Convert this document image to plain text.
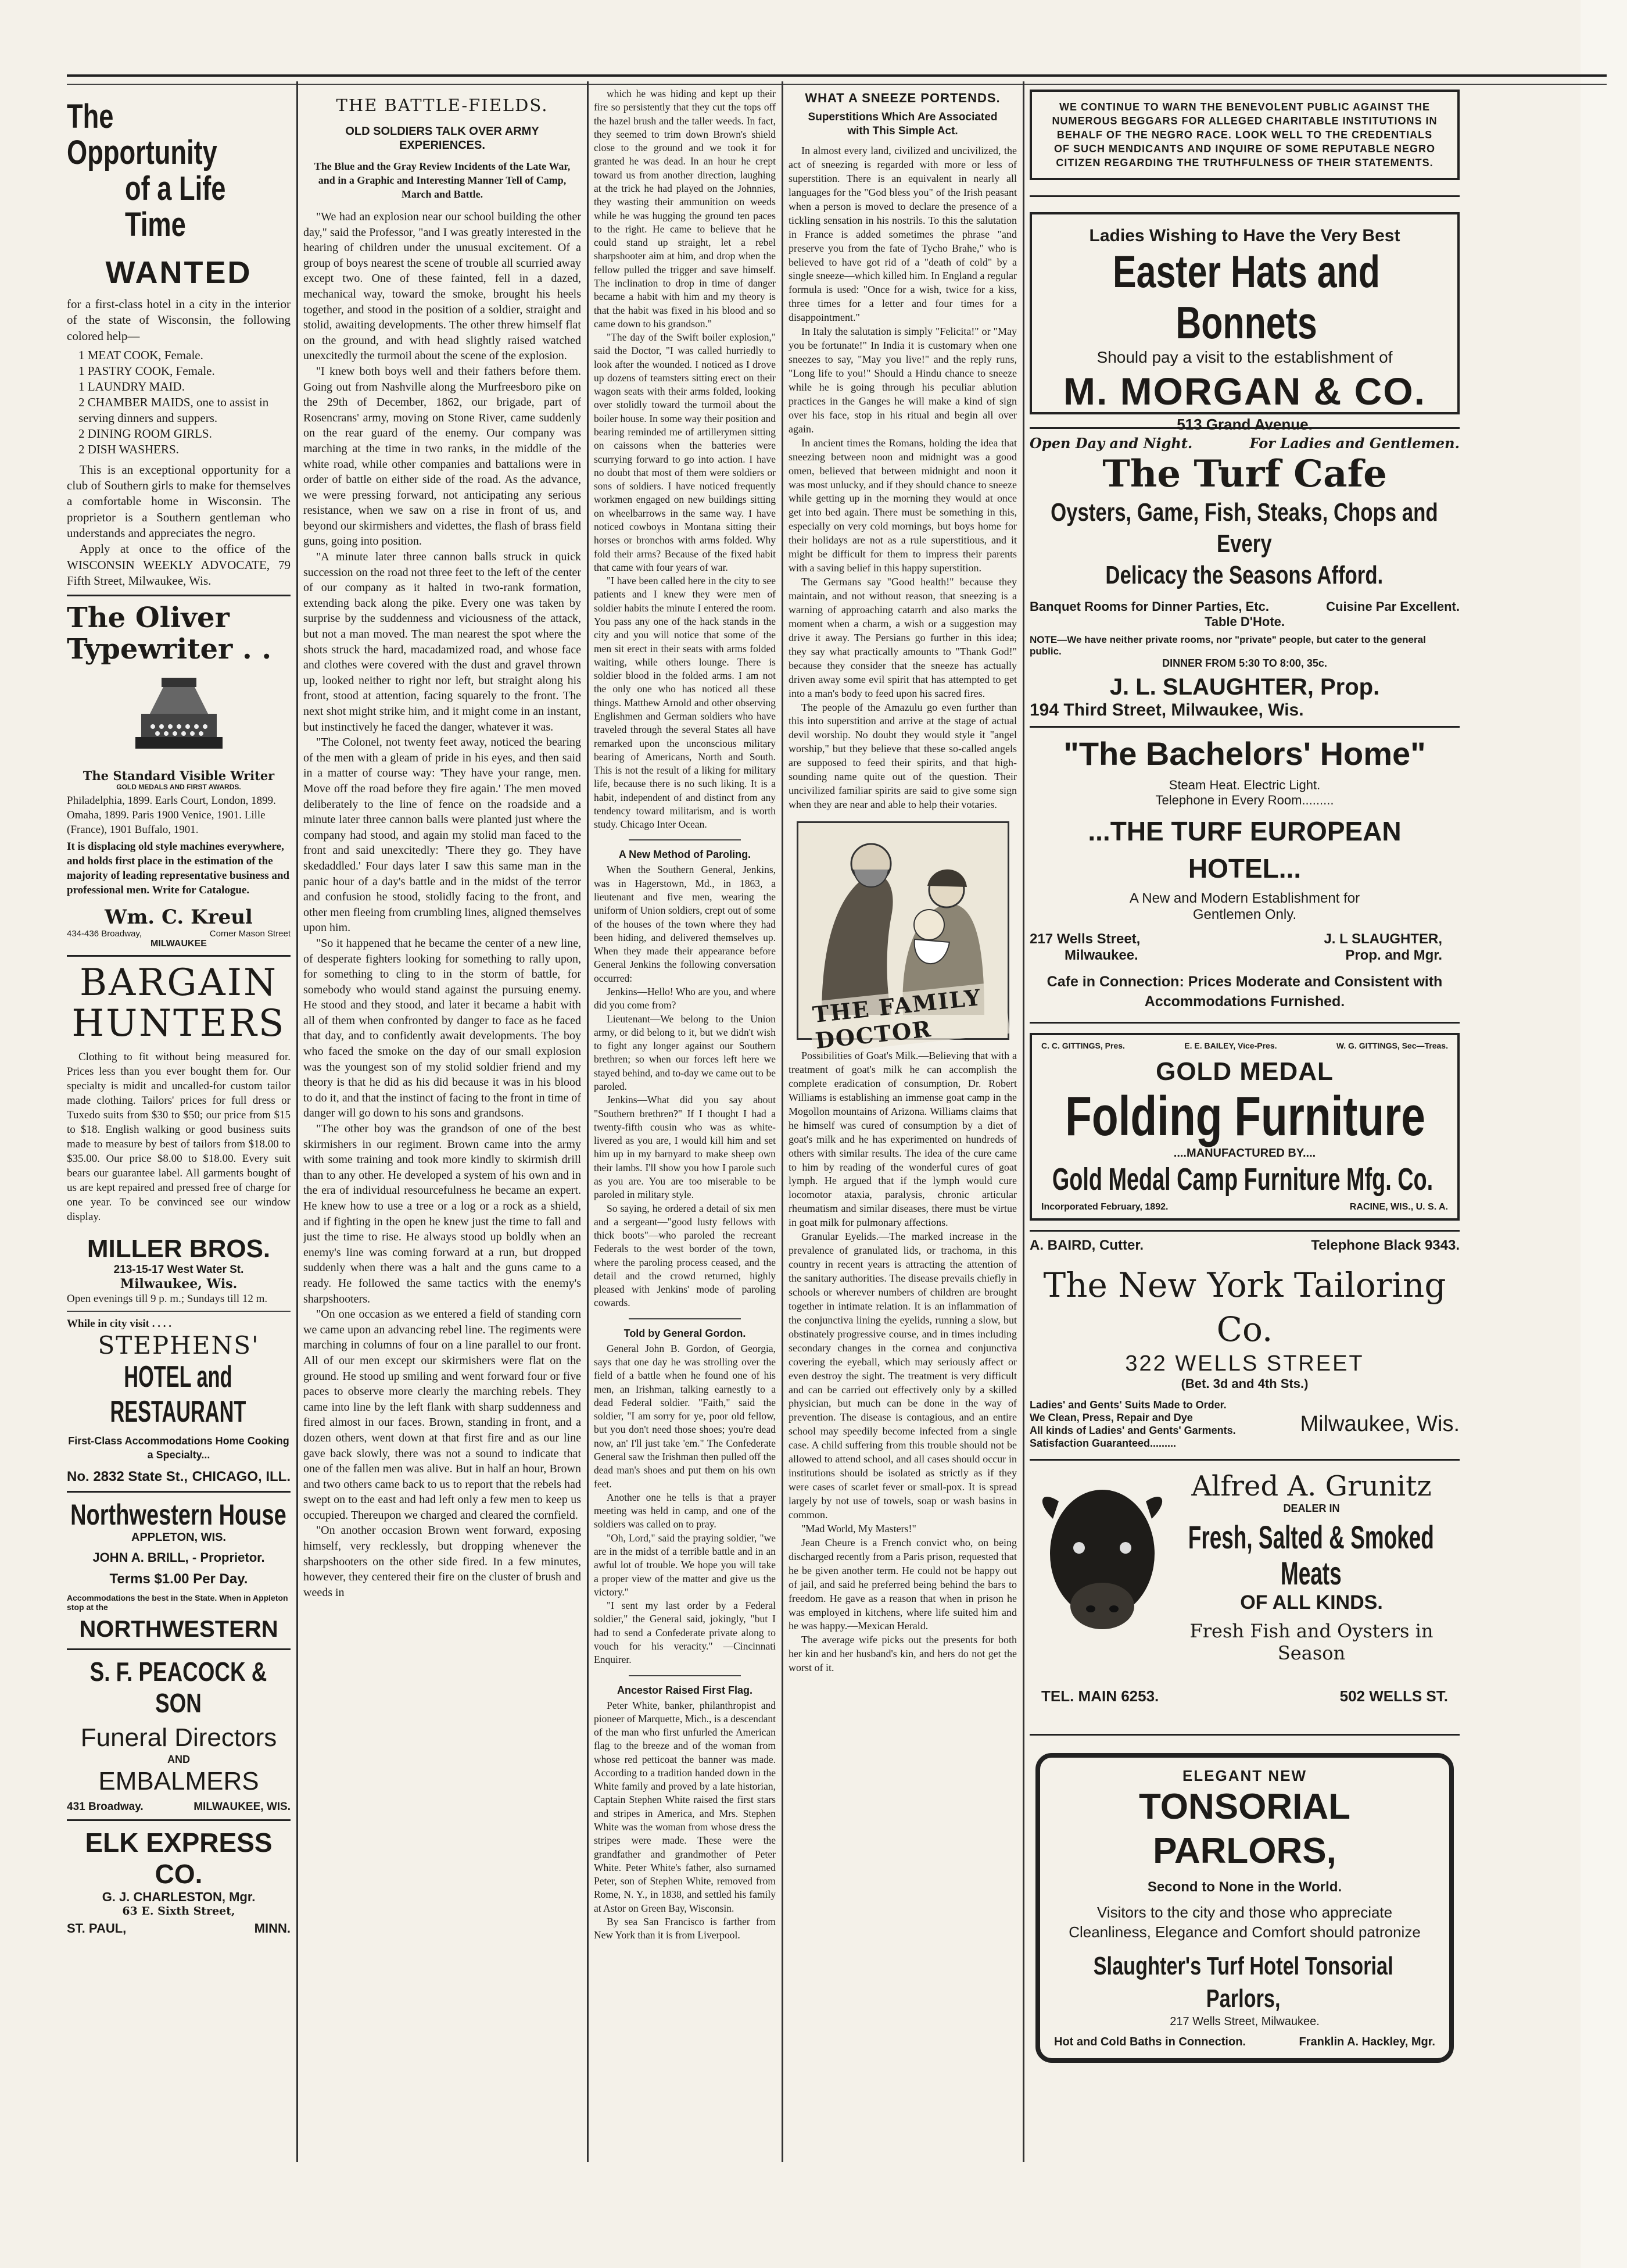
The Opportunity
of a Life Time
WANTED

for a first-class hotel in a city in the interior of the state of Wisconsin, the following colored help—

1 MEAT COOK, Female.
1 PASTRY COOK, Female.
1 LAUNDRY MAID.
2 CHAMBER MAIDS, one to assist in serving dinners and suppers.
2 DINING ROOM GIRLS.
2 DISH WASHERS.

This is an exceptional opportunity for a club of Southern girls to make for themselves a comfortable home in Wisconsin. The proprietor is a Southern gentleman who understands and appreciates the negro.

Apply at once to the office of the WISCONSIN WEEKLY ADVOCATE, 79 Fifth Street, Milwaukee, Wis.

The Oliver
Typewriter . .
The Standard Visible Writer
GOLD MEDALS AND FIRST AWARDS.
Philadelphia, 1899. Earls Court, London, 1899. Omaha, 1899. Paris 1900 Venice, 1901. Lille (France), 1901 Buffalo, 1901.
It is displacing old style machines everywhere, and holds first place in the estimation of the majority of leading representative business and professional men. Write for Catalogue.
Wm. C. Kreul
434-436 Broadway,	Corner Mason Street
MILWAUKEE
BARGAIN
HUNTERS
Clothing to fit without being measured for. Prices less than you ever bought them for. Our specialty is midit and uncalled-for custom tailor made clothing. Tailors' prices for full dress or Tuxedo suits from $30 to $50; our price from $15 to $18. English walking or good business suits made to measure by best of tailors from $18.00 to $35.00. Our price $8.00 to $18.00. Every suit bears our guarantee label. All garments bought of us are kept repaired and pressed free of charge for one year. To be convinced see our window display.
MILLER BROS.
213-15-17 West Water St.
Milwaukee, Wis.
Open evenings till 9 p. m.; Sundays till 12 m.
While in city visit . . . .
STEPHENS'
HOTEL and RESTAURANT
First-Class Accommodations Home Cooking a Specialty...
No. 2832 State St., CHICAGO, ILL.
Northwestern House
APPLETON, WIS.
JOHN A. BRILL, - Proprietor.
Terms $1.00 Per Day.
Accommodations the best in the State. When in Appleton stop at the
NORTHWESTERN
S. F. PEACOCK & SON
Funeral Directors
AND
EMBALMERS
431 Broadway.	MILWAUKEE, WIS.
ELK EXPRESS CO.
G. J. CHARLESTON, Mgr.
63 E. Sixth Street,
ST. PAUL,	MINN.
THE BATTLE-FIELDS.
OLD SOLDIERS TALK OVER ARMY EXPERIENCES.
The Blue and the Gray Review Incidents of the Late War, and in a Graphic and Interesting Manner Tell of Camp, March and Battle.

"We had an explosion near our school building the other day," said the Professor, "and I was greatly interested in the hearing of children under the unusual excitement. Of a group of boys nearest the scene of trouble all scurried away except two. One of these fainted, fell in a dazed, mechanical way, toward the smoke, brought his heels together, and stood in the position of a soldier, straight and stolid, awaiting developments. The other threw himself flat on the ground, and with head slightly raised watched unexcitedly the turmoil about the scene of the explosion.

"I knew both boys well and their fathers before them. Going out from Nashville along the Murfreesboro pike on the 29th of December, 1862, our brigade, part of Rosencrans' army, moving on Stone River, came suddenly on the rear guard of the enemy. Our company was marching at the time in two ranks, in the middle of the white road, while other companies and battalions were in order of battle on either side of the road. As the advance, we were pressing forward, not anticipating any serious resistance, when we saw on a rise in front of us, and beyond our skirmishers and videttes, the flash of brass field guns, going into position.

"A minute later three cannon balls struck in quick succession on the road not three feet to the left of the center of our company as it halted in two-rank formation, extending back along the pike. Every one was taken by surprise by the suddenness and viciousness of the attack, but not a man moved. The man nearest the spot where the shots struck the hard, macadamized road, and whose face and clothes were covered with the dust and gravel thrown up, looked neither to right nor left, but straight along his front, stood at attention, facing squarely to the front. The next shot might strike him, and it might come in an instant, but instinctively he faced the danger, whatever it was.

"The Colonel, not twenty feet away, noticed the bearing of the men with a gleam of pride in his eyes, and then said in a matter of course way: 'They have your range, men. Move off the road before they fire again.' The men moved deliberately to the line of fence on the roadside and a minute later three cannon balls were planted just where the company had stood, and again my stolid man faced to the front and said unexcitedly: 'There they go. They have skedaddled.' Four days later I saw this same man in the panic hour of a day's battle and in the midst of the terror and confusion he stood, stolidly facing to the front, and other men fleeing from crumbling lines, aligned themselves upon him.

"So it happened that he became the center of a new line, of desperate fighters looking for something to rally upon, for something to cling to in the storm of battle, for somebody who would stand against the pursuing enemy. He stood and they stood, and later it became a habit with all of them when confronted by danger to face as he faced that day, and to confidently await developments. The boy who faced the smoke on the day of our small explosion was the youngest son of my stolid soldier friend and my theory is that he did as his did because it was in his blood to do it, and that the instinct of facing to the front in time of danger will go down to his sons and grandsons.

"The other boy was the grandson of one of the best skirmishers in our regiment. Brown came into the army with some training and took more kindly to skirmish drill than to any other. He developed a system of his own and in the era of individual resourcefulness he became an expert. He knew how to use a tree or a log or a rock as a shield, and if fighting in the open he knew just the time to fall and just the time to rise. He always stood up boldly when an enemy's line was coming forward at a run, but dropped suddenly when there was a halt and the guns came to a ready. He followed the same tactics with the enemy's sharpshooters.

"On one occasion as we entered a field of standing corn we came upon an advancing rebel line. The regiments were marching in columns of four on a line parallel to our front. All of our men except our skirmishers were flat on the ground. He stood up smiling and went forward four or five paces to observe more clearly the marching rebels. They came into line by the left flank with sharp suddenness and fired almost in our faces. Brown, standing in front, and a dozen others, went down at that first fire and as our line gave back slowly, there was not a sound to indicate that one of the fallen men was alive. But in half an hour, Brown and two others came back to us to report that the rebels had swept on to the east and had left only a few men to keep us occupied. Thereupon we charged and cleared the cornfield.

"On another occasion Brown went forward, exposing himself, very recklessly, but dropping whenever the sharpshooters on the other side fired. In a few minutes, however, they centered their fire on the cluster of brush and weeds in

which he was hiding and kept up their fire so persistently that they cut the tops off the hazel brush and the taller weeds. In fact, they seemed to trim down Brown's shield close to the ground and we took it for granted he was dead. In an hour he crept toward us from another direction, laughing at the trick he had played on the Johnnies, they wasting their ammunition on weeds while he was hugging the ground ten paces to the right. He came to believe that he could stand up straight, let a rebel sharpshooter aim at him, and drop when the fellow pulled the trigger and save himself. The inclination to drop in time of danger became a habit with him and my theory is that the habit was fixed in his blood and so came down to his grandson."

"The day of the Swift boiler explosion," said the Doctor, "I was called hurriedly to look after the wounded. I noticed as I drove up dozens of teamsters sitting erect on their wagon seats with their arms folded, looking over stolidly toward the turmoil about the boiler house. In some way their position and bearing reminded me of artillerymen sitting on caissons when the batteries were scurrying forward to go into action. I have no doubt that most of them were soldiers or sons of soldiers. I have noticed frequently workmen engaged on new buildings sitting on wheelbarrows in the same way. I have noticed cowboys in Montana sitting their horses or bronchos with arms folded. Why fold their arms? Because of the fixed habit that came with four years of war.

"I have been called here in the city to see patients and I knew they were men of soldier habits the minute I entered the room. You pass any one of the hack stands in the city and you will notice that some of the men sit erect in their seats with arms folded waiting, while others lounge. There is soldier blood in the folded arms. I am not the only one who has noticed all these things. Matthew Arnold and other observing Englishmen and German soldiers who have traveled through the several States all have remarked upon the unconscious military bearing of Americans, North and South. This is not the result of a liking for military life, because there is no such liking. It is a habit, independent of and distinct from any tendency toward militarism, and is worth study. Chicago Inter Ocean.

A New Method of Paroling.

When the Southern General, Jenkins, was in Hagerstown, Md., in 1863, a lieutenant and five men, wearing the uniform of Union soldiers, crept out of some of the houses of the town where they had been hiding, and delivered themselves up. When they made their appearance before General Jenkins the following conversation occurred:

Jenkins—Hello! Who are you, and where did you come from?

Lieutenant—We belong to the Union army, or did belong to it, but we didn't wish to fight any longer against our Southern brethren; so when our forces left here we stayed behind, and to-day we came out to be paroled.

Jenkins—What did you say about "Southern brethren?" If I thought I had a twenty-fifth cousin who was as white-livered as you are, I would kill him and set him up in my barnyard to make sheep own their lambs. I'll show you how I parole such as you are. You are too miserable to be paroled in military style.

So saying, he ordered a detail of six men and a sergeant—"good lusty fellows with thick boots"—who paroled the recreant Federals to the west border of the town, where the paroling process ceased, and the detail and the crowd returned, highly pleased with Jenkins' mode of paroling cowards.

Told by General Gordon.

General John B. Gordon, of Georgia, says that one day he was strolling over the field of a battle when he found one of his men, an Irishman, talking earnestly to a dead Federal soldier. "Faith," said the soldier, "I am sorry for ye, poor old fellow, but you don't need those shoes; you're dead now, an' I'll just take 'em." The Confederate General saw the Irishman then pulled off the dead man's shoes and put them on his own feet.

Another one he tells is that a prayer meeting was held in camp, and one of the soldiers was called on to pray.

"Oh, Lord," said the praying soldier, "we are in the midst of a terrible battle and in an awful lot of trouble. We hope you will take a proper view of the matter and give us the victory."

"I sent my last order by a Federal soldier," the General said, jokingly, "but I had to send a Confederate private along to vouch for his veracity." —Cincinnati Enquirer.

Ancestor Raised First Flag.

Peter White, banker, philanthropist and pioneer of Marquette, Mich., is a descendant of the man who first unfurled the American flag to the breeze and of the woman from whose red petticoat the banner was made. According to a tradition handed down in the White family and proved by a late historian, Captain Stephen White raised the first stars and stripes in America, and Mrs. Stephen White was the woman from whose dress the stripes were made. These were the grandfather and grandmother of Peter White. Peter White's father, also surnamed Peter, son of Stephen White, removed from Rome, N. Y., in 1838, and settled his family at Astor on Green Bay, Wisconsin.

By sea San Francisco is farther from New York than it is from Liverpool.

WHAT A SNEEZE PORTENDS.
Superstitions Which Are Associated with This Simple Act.

In almost every land, civilized and uncivilized, the act of sneezing is regarded with more or less of superstition. There is an equivalent in nearly all languages for the "God bless you" of the Irish peasant when a person is moved to declare the presence of a tickling sensation in his nostrils. To this the salutation in France is added sometimes the phrase "and preserve you from the fate of Tycho Brahe," who is believed to have got rid of a "death of cold" by a single sneeze—which killed him. In England a regular formula is used: "Once for a wish, twice for a kiss, three times for a letter and four times for a disappointment."

In Italy the salutation is simply "Felicita!" or "May you be fortunate!" In India it is customary when one sneezes to say, "May you live!" and the reply runs, "Long life to you!" Should a Hindu chance to sneeze while he is going through his peculiar ablution practices in the Ganges he will make a kind of sign over his face, stop in his ritual and begin all over again.

In ancient times the Romans, holding the idea that sneezing between noon and midnight was a good omen, believed that between midnight and noon it was most unlucky, and if they should chance to sneeze while getting up in the morning they would at once get into bed again. There must be something in this, especially on very cold mornings, but boys home for their holidays are not as a rule superstitious, and it might be difficult for them to impress their parents with a saving belief in this happy superstition.

The Germans say "Good health!" because they maintain, and not without reason, that sneezing is a warning of approaching catarrh and also marks the moment when a charm, a wish or a suggestion may drive it away. The Persians go further in this idea; they say what practically amounts to "Thank God!" because they consider that the sneeze has actually driven away some evil spirit that has attempted to get into a man's body to feed upon his sacred fires.

The people of the Amazulu go even further than this into superstition and arrive at the stage of actual devil worship. No doubt they would style it "angel worship," but they believe that these so-called angels are supposed to feed their spirits, and that high-sounding name quite out of the question. Their uncivilized familiar spirits are said to give some sign when they are near and able to help their votaries.

THE FAMILY DOCTOR

Possibilities of Goat's Milk.—Believing that with a treatment of goat's milk he can accomplish the complete eradication of consumption, Dr. Robert Williams is establishing an immense goat camp in the Mogollon mountains of Arizona. Williams claims that he himself was cured of consumption by a diet of goat's milk and he has experimented on hundreds of others with similar results. The idea of the cure came to him by reading of the wonderful cures of goat lymph. He argued that if the lymph would cure locomotor ataxia, paralysis, chronic articular rheumatism and similar diseases, there must be virtue in goat milk for pulmonary affections.

Granular Eyelids.—The marked increase in the prevalence of granulated lids, or trachoma, in this country in recent years is attracting the attention of the sanitary authorities. The disease prevails chiefly in schools or wherever numbers of children are brought together in intimate relation. It is an inflammation of the conjunctiva lining the eyelids, running a slow, but obstinately progressive course, and in times including secondary changes in the cornea and conjunctiva covering the eyeball, which may seriously affect or even destroy the sight. The treatment is very difficult and can be carried out effectively only by a skilled physician, but much can be done in the way of prevention. The disease is contagious, and an entire school may speedily become infected from a single case. A child suffering from this trouble should not be allowed to attend school, and all cases should occur in institutions should be isolated as strictly as if they were cases of scarlet fever or small-pox. It is spread largely by not use of towels, soap or wash basins in common.

"Mad World, My Masters!"

Jean Cheure is a French convict who, on being discharged recently from a Paris prison, requested that he be given another term. He could not be happy out of jail, and said he preferred being behind the bars to freedom. He gave as a reason that when in prison he was employed in kitchens, where life suited him and he was happy.—Mexican Herald.

The average wife picks out the presents for both her kin and her husband's kin, and hers do not get the worst of it.

WE CONTINUE TO WARN THE BENEVOLENT PUBLIC AGAINST THE NUMEROUS BEGGARS FOR ALLEGED CHARITABLE INSTITUTIONS IN BEHALF OF THE NEGRO RACE. LOOK WELL TO THE CREDENTIALS OF SUCH MENDICANTS AND INQUIRE OF SOME REPUTABLE NEGRO CITIZEN REGARDING THE TRUTHFULNESS OF THEIR STATEMENTS.
Ladies Wishing to Have the Very Best
Easter Hats and Bonnets
Should pay a visit to the establishment of
M. MORGAN & CO.
513 Grand Avenue.
Open Day and Night.	For Ladies and Gentlemen.
The Turf Cafe
Oysters, Game, Fish, Steaks, Chops and Every
Delicacy the Seasons Afford.
Banquet Rooms for Dinner Parties, Etc.	Cuisine Par Excellent.
Table D'Hote.
NOTE—We have neither private rooms, nor "private" people, but cater to the general public.
DINNER FROM 5:30 TO 8:00, 35c.
J. L. SLAUGHTER, Prop.
194 Third Street, Milwaukee, Wis.
"The Bachelors' Home"
Steam Heat. Electric Light.
Telephone in Every Room.........
...THE TURF EUROPEAN HOTEL...
A New and Modern Establishment for
Gentlemen Only.
217 Wells Street,
Milwaukee.
J. L SLAUGHTER,
Prop. and Mgr.
Cafe in Connection: Prices Moderate and Consistent with Accommodations Furnished.
C. C. GITTINGS, Pres.	E. E. BAILEY, Vice-Pres.	W. G. GITTINGS, Sec—Treas.
GOLD MEDAL
Folding Furniture
....MANUFACTURED BY....
Gold Medal Camp Furniture Mfg. Co.
Incorporated February, 1892.	RACINE, WIS., U. S. A.
A. BAIRD, Cutter.	Telephone Black 9343.
The New York Tailoring Co.
322 WELLS STREET
(Bet. 3d and 4th Sts.)
Ladies' and Gents' Suits Made to Order.
We Clean, Press, Repair and Dye
All kinds of Ladies' and Gents' Garments.
Satisfaction Guaranteed.........
Milwaukee, Wis.
Alfred A. Grunitz
DEALER IN
Fresh, Salted & Smoked Meats
OF ALL KINDS.
Fresh Fish and Oysters in Season
TEL. MAIN 6253.	502 WELLS ST.
ELEGANT NEW
TONSORIAL PARLORS,
Second to None in the World.
Visitors to the city and those who appreciate Cleanliness, Elegance and Comfort should patronize
Slaughter's Turf Hotel Tonsorial Parlors,
217 Wells Street, Milwaukee.
Hot and Cold Baths in Connection.	Franklin A. Hackley, Mgr.
